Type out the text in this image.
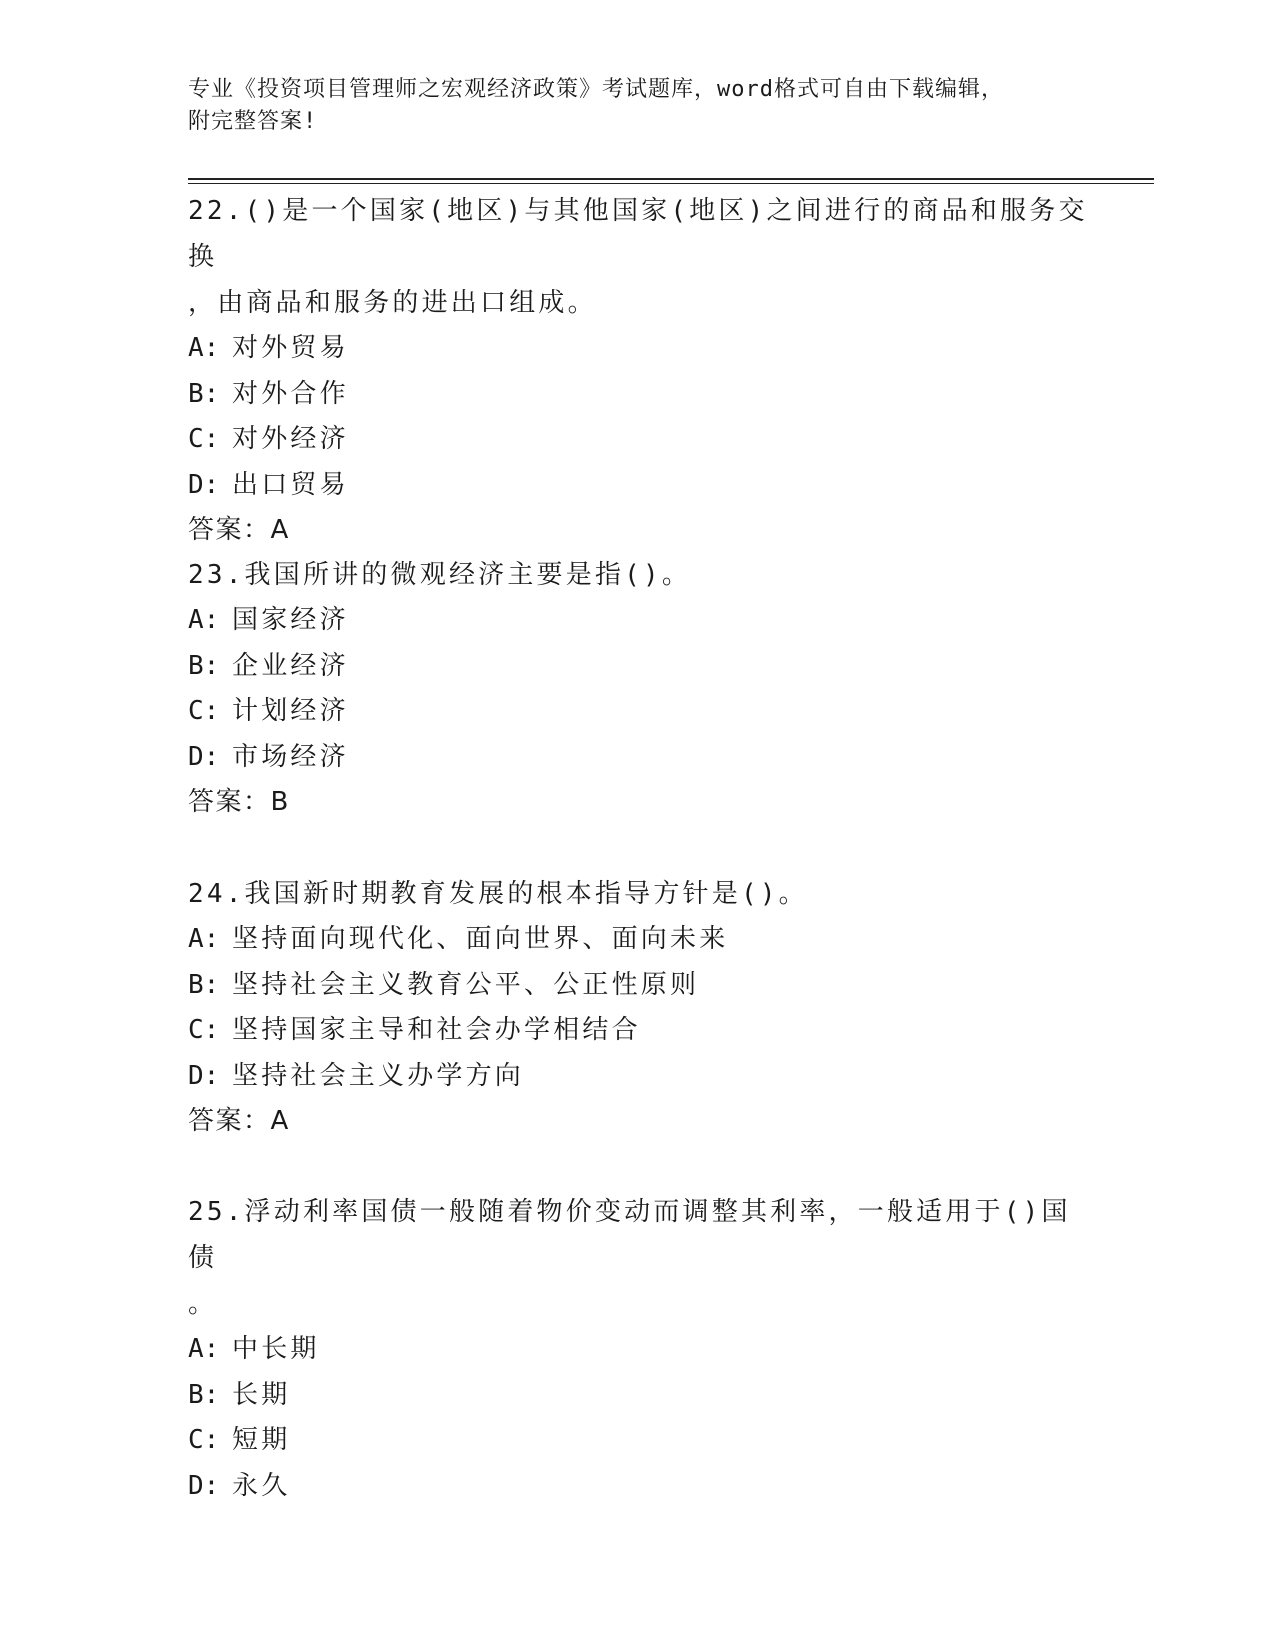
专业《投资项目管理师之宏观经济政策》考试题库，word格式可自由下载编辑，
附完整答案!

22.()是一个国家(地区)与其他国家(地区)之间进行的商品和服务交换

，由商品和服务的进出口组成。

A: 对外贸易

B: 对外合作

C: 对外经济

D: 出口贸易

答案：A

23.我国所讲的微观经济主要是指()。

A: 国家经济

B: 企业经济

C: 计划经济

D: 市场经济

答案：B

24.我国新时期教育发展的根本指导方针是()。

A: 坚持面向现代化、面向世界、面向未来

B: 坚持社会主义教育公平、公正性原则

C: 坚持国家主导和社会办学相结合

D: 坚持社会主义办学方向

答案：A

25.浮动利率国债一般随着物价变动而调整其利率，一般适用于()国债

。

A: 中长期

B: 长期

C: 短期

D: 永久
